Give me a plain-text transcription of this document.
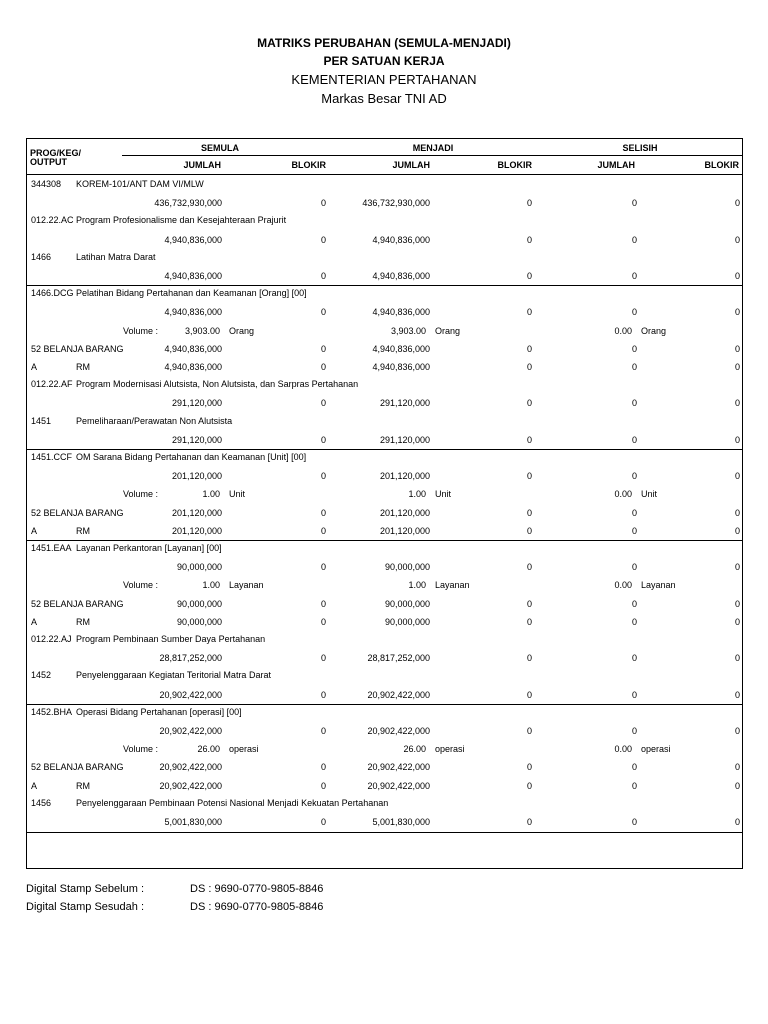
MATRIKS PERUBAHAN (SEMULA-MENJADI)
PER SATUAN KERJA
KEMENTERIAN PERTAHANAN
Markas Besar TNI AD
PROG/KEG/
OUTPUT
SEMULA	MENJADI	SELISIH
JUMLAH	BLOKIR	JUMLAH	BLOKIR	JUMLAH	BLOKIR
344308 KOREM-101/ANT DAM VI/MLW
436,732,930,000	0	436,732,930,000	0	0	0
012.22.AC Program Profesionalisme dan Kesejahteraan Prajurit
4,940,836,000	0	4,940,836,000	0	0	0
1466	Latihan Matra Darat
4,940,836,000	0	4,940,836,000	0	0	0
1466.DCG Pelatihan Bidang Pertahanan dan Keamanan [Orang] [00]
4,940,836,000	0	4,940,836,000	0	0	0
Volume :	3,903.00 Orang	3,903.00 Orang	0.00 Orang
52 BELANJA BARANG	4,940,836,000	0	4,940,836,000	0	0	0
A	RM	4,940,836,000	0	4,940,836,000	0	0	0
012.22.AF Program Modernisasi Alutsista, Non Alutsista, dan Sarpras Pertahanan
291,120,000	0	291,120,000	0	0	0
1451	Pemeliharaan/Perawatan Non Alutsista
291,120,000	0	291,120,000	0	0	0
1451.CCF OM Sarana Bidang Pertahanan dan Keamanan [Unit] [00]
201,120,000	0	201,120,000	0	0	0
Volume :	1.00 Unit	1.00 Unit	0.00 Unit
52 BELANJA BARANG	201,120,000	0	201,120,000	0	0	0
A	RM	201,120,000	0	201,120,000	0	0	0
1451.EAA Layanan Perkantoran [Layanan] [00]
90,000,000	0	90,000,000	0	0	0
Volume :	1.00 Layanan	1.00 Layanan	0.00 Layanan
52 BELANJA BARANG	90,000,000	0	90,000,000	0	0	0
A	RM	90,000,000	0	90,000,000	0	0	0
012.22.AJ Program Pembinaan Sumber Daya Pertahanan
28,817,252,000	0	28,817,252,000	0	0	0
1452	Penyelenggaraan Kegiatan Teritorial Matra Darat
20,902,422,000	0	20,902,422,000	0	0	0
1452.BHA Operasi Bidang Pertahanan [operasi] [00]
20,902,422,000	0	20,902,422,000	0	0	0
Volume :	26.00 operasi	26.00 operasi	0.00 operasi
52 BELANJA BARANG	20,902,422,000	0	20,902,422,000	0	0	0
A	RM	20,902,422,000	0	20,902,422,000	0	0	0
1456	Penyelenggaraan Pembinaan Potensi Nasional Menjadi Kekuatan Pertahanan
5,001,830,000	0	5,001,830,000	0	0	0
Digital Stamp Sebelum :	DS : 9690-0770-9805-8846
Digital Stamp Sesudah :	DS : 9690-0770-9805-8846
